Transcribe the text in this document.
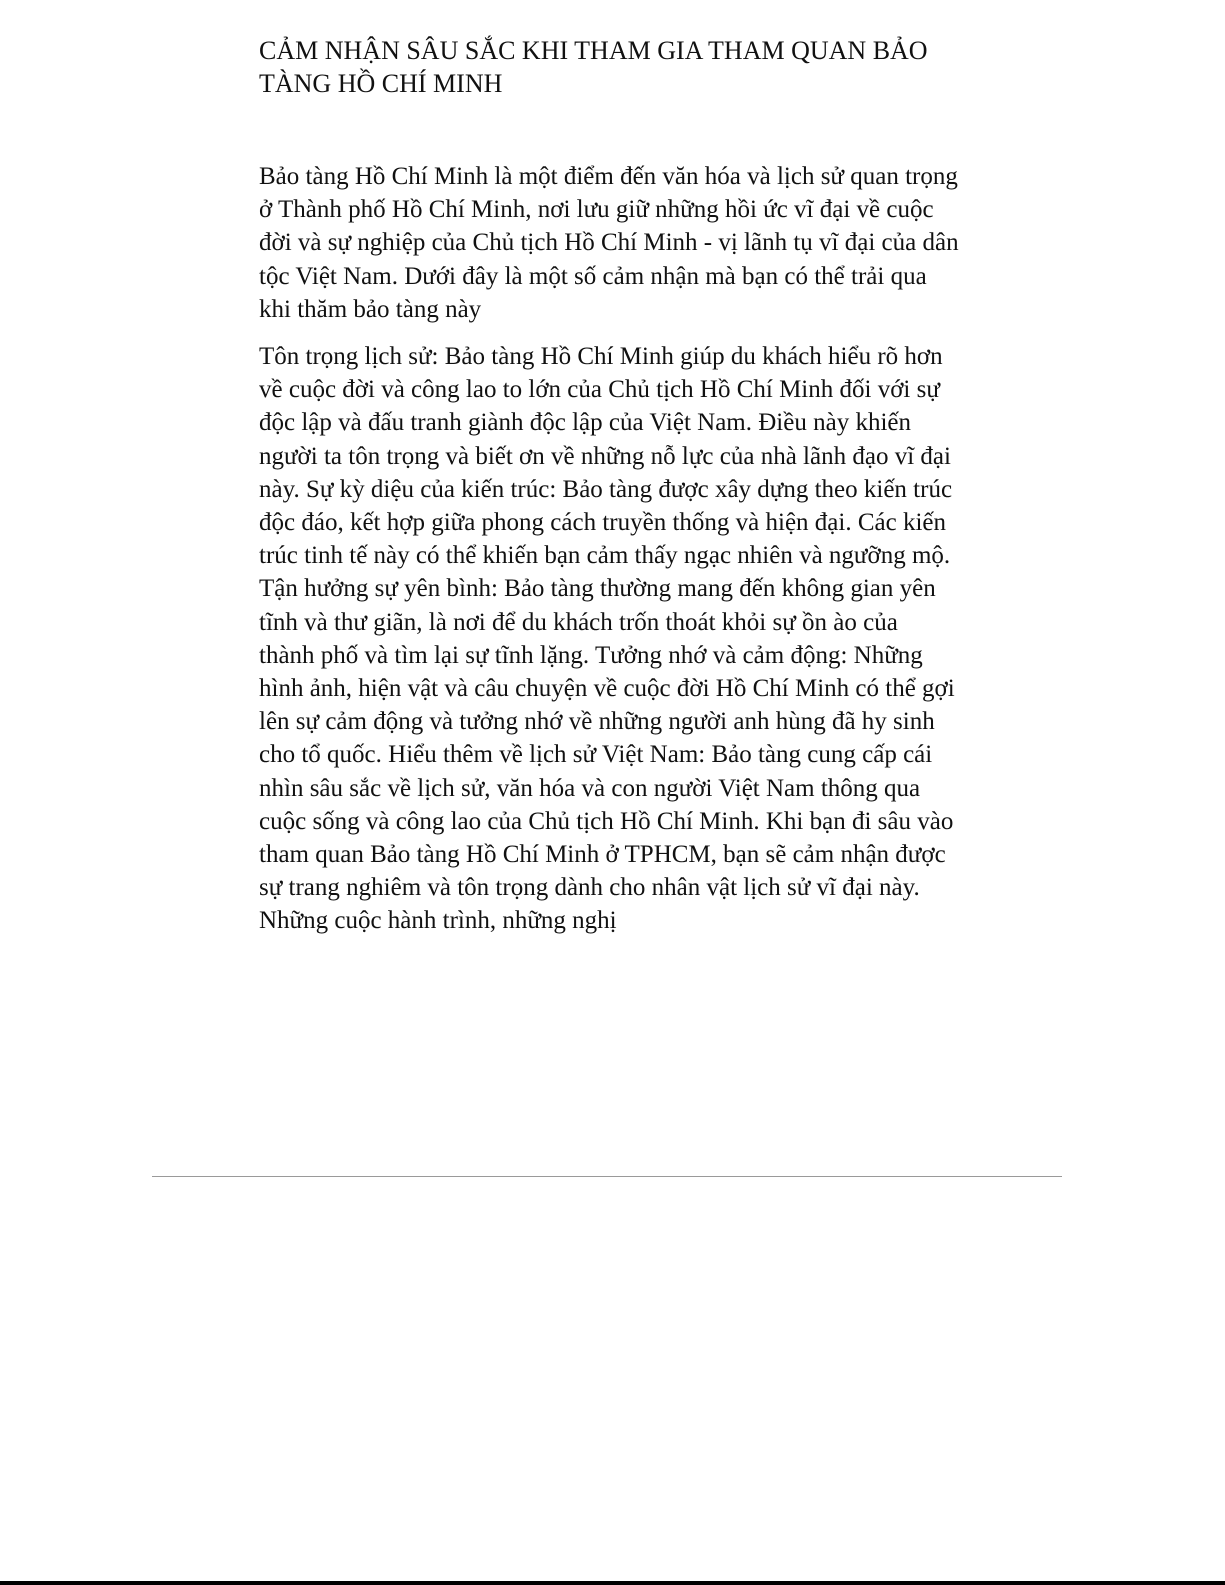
CẢM NHẬN SÂU SẮC KHI THAM GIA THAM QUAN BẢO TÀNG HỒ CHÍ MINH

Bảo tàng Hồ Chí Minh là một điểm đến văn hóa và lịch sử quan trọng ở Thành phố Hồ Chí Minh, nơi lưu giữ những hồi ức vĩ đại về cuộc đời và sự nghiệp của Chủ tịch Hồ Chí Minh - vị lãnh tụ vĩ đại của dân tộc Việt Nam. Dưới đây là một số cảm nhận mà bạn có thể trải qua khi thăm bảo tàng này

Tôn trọng lịch sử: Bảo tàng Hồ Chí Minh giúp du khách hiểu rõ hơn về cuộc đời và công lao to lớn của Chủ tịch Hồ Chí Minh đối với sự độc lập và đấu tranh giành độc lập của Việt Nam. Điều này khiến người ta tôn trọng và biết ơn về những nỗ lực của nhà lãnh đạo vĩ đại này. Sự kỳ diệu của kiến trúc: Bảo tàng được xây dựng theo kiến trúc độc đáo, kết hợp giữa phong cách truyền thống và hiện đại. Các kiến trúc tinh tế này có thể khiến bạn cảm thấy ngạc nhiên và ngưỡng mộ. Tận hưởng sự yên bình: Bảo tàng thường mang đến không gian yên tĩnh và thư giãn, là nơi để du khách trốn thoát khỏi sự ồn ào của thành phố và tìm lại sự tĩnh lặng. Tưởng nhớ và cảm động: Những hình ảnh, hiện vật và câu chuyện về cuộc đời Hồ Chí Minh có thể gợi lên sự cảm động và tưởng nhớ về những người anh hùng đã hy sinh cho tổ quốc. Hiểu thêm về lịch sử Việt Nam: Bảo tàng cung cấp cái nhìn sâu sắc về lịch sử, văn hóa và con người Việt Nam thông qua cuộc sống và công lao của Chủ tịch Hồ Chí Minh. Khi bạn đi sâu vào tham quan Bảo tàng Hồ Chí Minh ở TPHCM, bạn sẽ cảm nhận được sự trang nghiêm và tôn trọng dành cho nhân vật lịch sử vĩ đại này. Những cuộc hành trình, những nghị
